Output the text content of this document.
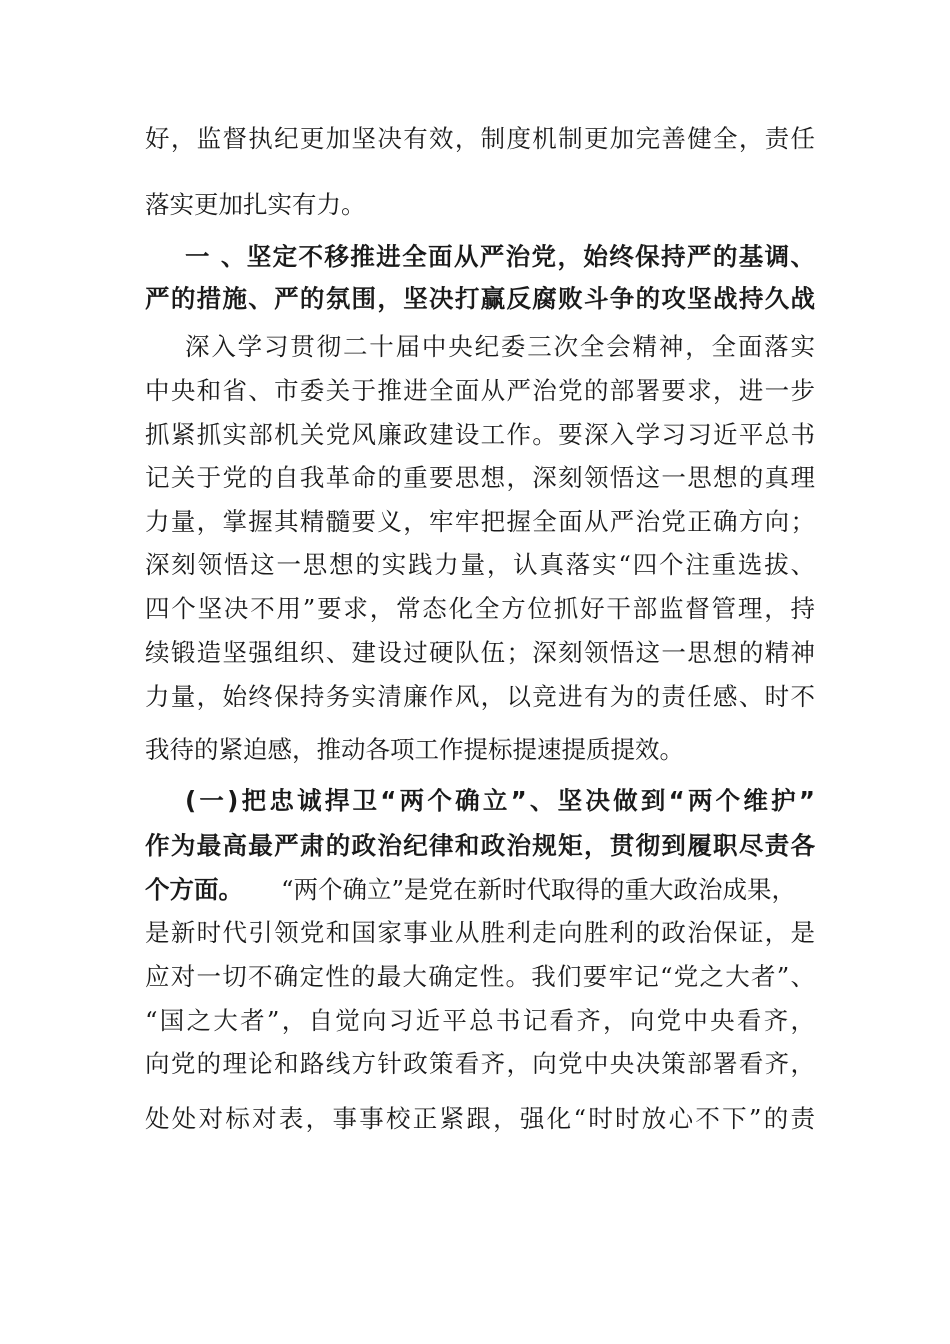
好，监督执纪更加坚决有效，制度机制更加完善健全，责任
落实更加扎实有力。
一 、坚定不移推进全面从严治党，始终保持严的基调、
严的措施、严的氛围，坚决打赢反腐败斗争的攻坚战持久战
深入学习贯彻二十届中央纪委三次全会精神，全面落实
中央和省、市委关于推进全面从严治党的部署要求，进一步
抓紧抓实部机关党风廉政建设工作。要深入学习习近平总书
记关于党的自我革命的重要思想，深刻领悟这一思想的真理
力量，掌握其精髓要义，牢牢把握全面从严治党正确方向；
深刻领悟这一思想的实践力量，认真落实“四个注重选拔、
四个坚决不用”要求，常态化全方位抓好干部监督管理，持
续锻造坚强组织、建设过硬队伍；深刻领悟这一思想的精神
力量，始终保持务实清廉作风，以竞进有为的责任感、时不
我待的紧迫感，推动各项工作提标提速提质提效。
(一)把忠诚捍卫“两个确立”、坚决做到“两个维护”
作为最高最严肃的政治纪律和政治规矩，贯彻到履职尽责各
个方面。 “两个确立”是党在新时代取得的重大政治成果，
是新时代引领党和国家事业从胜利走向胜利的政治保证，是
应对一切不确定性的最大确定性。我们要牢记“党之大者”、
“国之大者”，自觉向习近平总书记看齐，向党中央看齐，
向党的理论和路线方针政策看齐，向党中央决策部署看齐，
处处对标对表，事事校正紧跟，强化“时时放心不下”的责
